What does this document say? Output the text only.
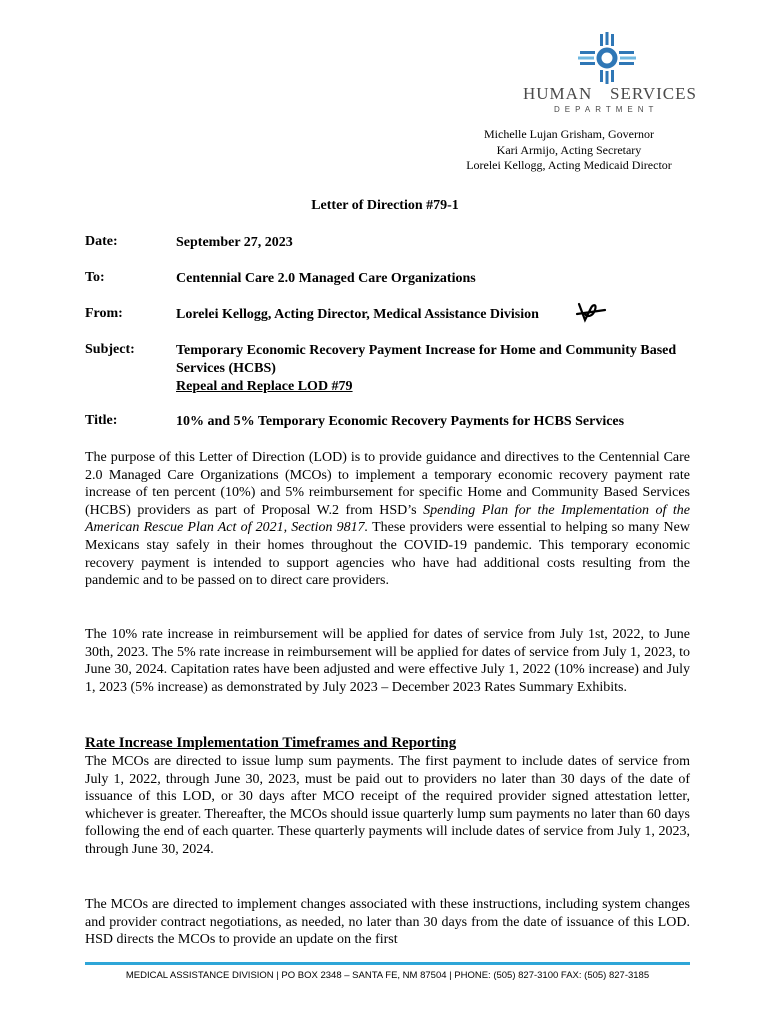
HUMAN SERVICES
DEPARTMENT
Michelle Lujan Grisham, Governor
Kari Armijo, Acting Secretary
Lorelei Kellogg, Acting Medicaid Director
Letter of Direction #79-1
Date:	September 27, 2023
To:	Centennial Care 2.0 Managed Care Organizations
From:	Lorelei Kellogg, Acting Director, Medical Assistance Division
Subject:	Temporary Economic Recovery Payment Increase for Home and Community Based Services (HCBS)
Repeal and Replace LOD #79
Title:	10% and 5% Temporary Economic Recovery Payments for HCBS Services
The purpose of this Letter of Direction (LOD) is to provide guidance and directives to the Centennial Care 2.0 Managed Care Organizations (MCOs) to implement a temporary economic recovery payment rate increase of ten percent (10%) and 5% reimbursement for specific Home and Community Based Services (HCBS) providers as part of Proposal W.2 from HSD’s Spending Plan for the Implementation of the American Rescue Plan Act of 2021, Section 9817. These providers were essential to helping so many New Mexicans stay safely in their homes throughout the COVID-19 pandemic. This temporary economic recovery payment is intended to support agencies who have had additional costs resulting from the pandemic and to be passed on to direct care providers.
The 10% rate increase in reimbursement will be applied for dates of service from July 1st, 2022, to June 30th, 2023. The 5% rate increase in reimbursement will be applied for dates of service from July 1, 2023, to June 30, 2024. Capitation rates have been adjusted and were effective July 1, 2022 (10% increase) and July 1, 2023 (5% increase) as demonstrated by July 2023 – December 2023 Rates Summary Exhibits.
Rate Increase Implementation Timeframes and Reporting
The MCOs are directed to issue lump sum payments. The first payment to include dates of service from July 1, 2022, through June 30, 2023, must be paid out to providers no later than 30 days of the date of issuance of this LOD, or 30 days after MCO receipt of the required provider signed attestation letter, whichever is greater. Thereafter, the MCOs should issue quarterly lump sum payments no later than 60 days following the end of each quarter. These quarterly payments will include dates of service from July 1, 2023, through June 30, 2024.
The MCOs are directed to implement changes associated with these instructions, including system changes and provider contract negotiations, as needed, no later than 30 days from the date of issuance of this LOD. HSD directs the MCOs to provide an update on the first
MEDICAL ASSISTANCE DIVISION | PO BOX 2348 – SANTA FE, NM 87504 | PHONE: (505) 827-3100 FAX: (505) 827-3185
